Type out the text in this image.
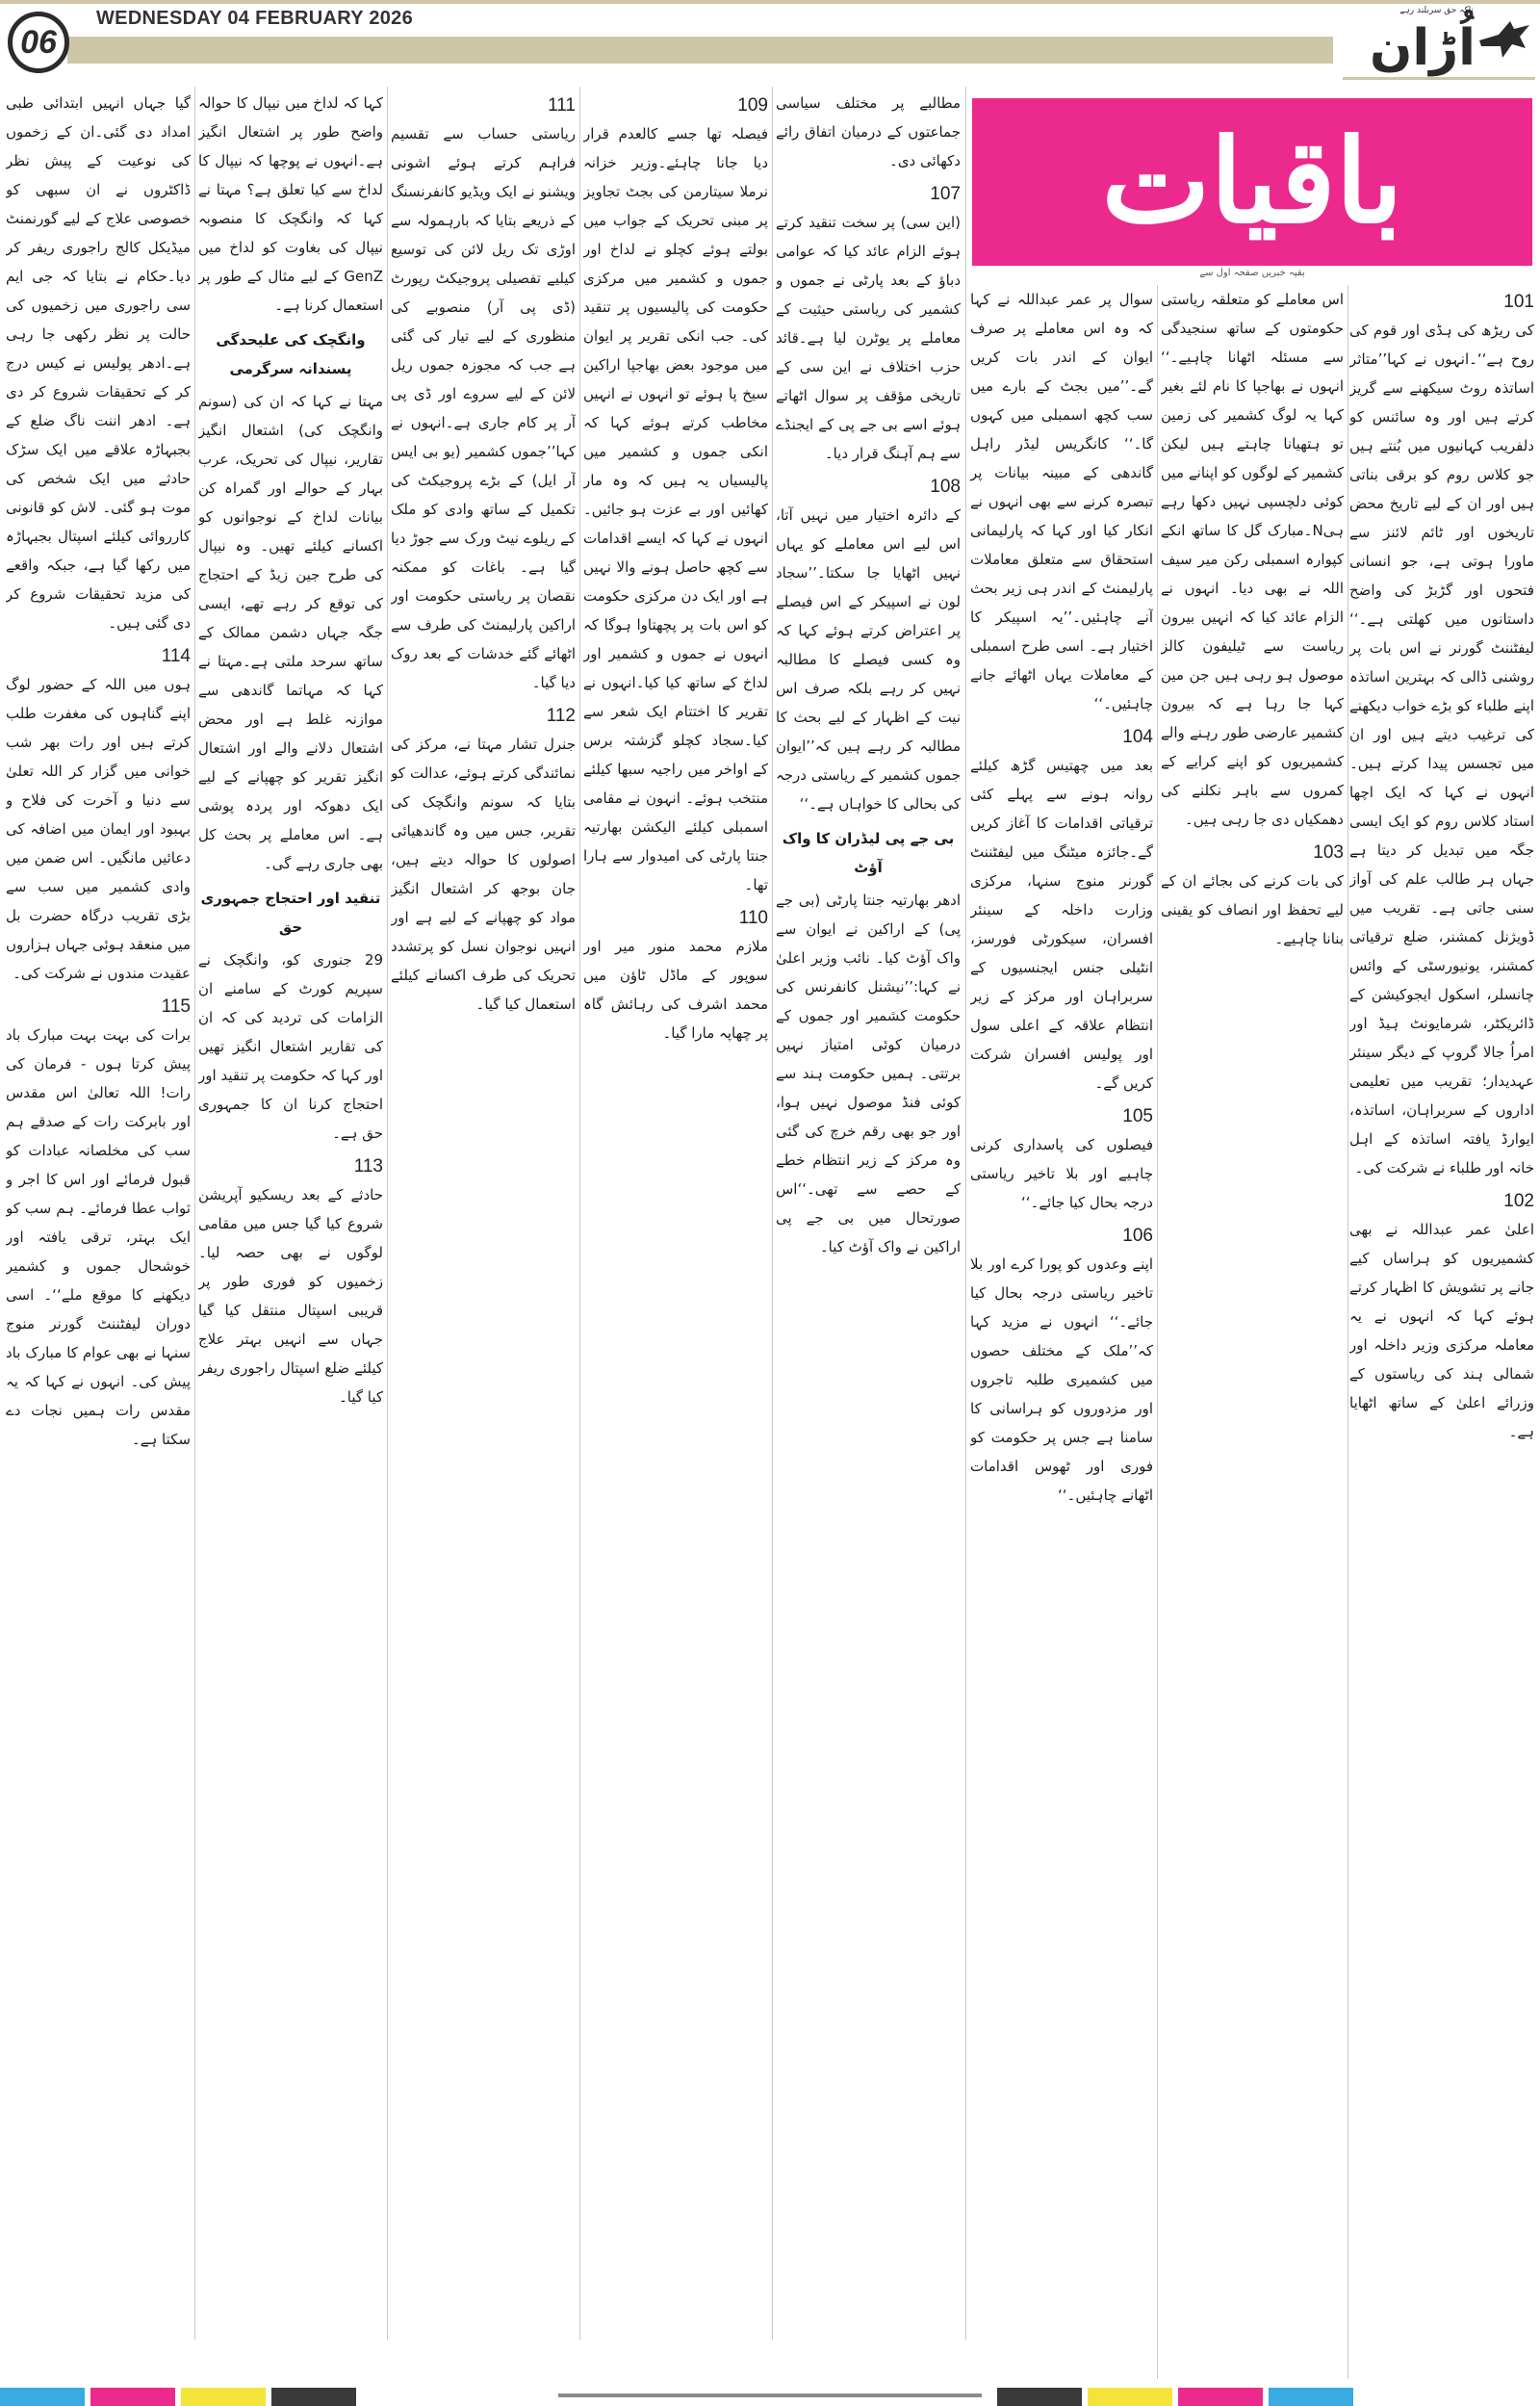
06
WEDNESDAY 04 FEBRUARY 2026	تاکہ حق سربلند رہے
اُڑان
باقیات
بقیہ خبریں صفحہ اول سے
101

کی ریڑھ کی ہڈی اور قوم کی روح ہے‘‘۔انہوں نے کہا’’متاثر اساتذہ روٹ سیکھنے سے گریز کرتے ہیں اور وہ سائنس کو دلفریب کہانیوں میں بُنتے ہیں جو کلاس روم کو برقی بناتی ہیں اور ان کے لیے تاریخ محض تاریخوں اور ٹائم لائنز سے ماورا ہوتی ہے، جو انسانی فتحوں اور گڑبڑ کی واضح داستانوں میں کھلتی ہے۔‘‘ لیفٹننٹ گورنر نے اس بات پر روشنی ڈالی کہ بہترین اساتذہ اپنے طلباء کو بڑے خواب دیکھنے کی ترغیب دیتے ہیں اور ان میں تجسس پیدا کرتے ہیں۔ انہوں نے کہا کہ ایک اچھا استاد کلاس روم کو ایک ایسی جگہ میں تبدیل کر دیتا ہے جہاں ہر طالب علم کی آواز سنی جاتی ہے۔ تقریب میں ڈویژنل کمشنر، ضلع ترقیاتی کمشنر، یونیورسٹی کے وائس چانسلر، اسکول ایجوکیشن کے ڈائریکٹر، شرمایونٹ ہیڈ اور امراُ جالا گروپ کے دیگر سینئر عہدیدار؛ تقریب میں تعلیمی اداروں کے سربراہان، اساتذہ، ایوارڈ یافتہ اساتذہ کے اہل خانہ اور طلباء نے شرکت کی۔

102

اعلیٰ عمر عبداللہ نے بھی کشمیریوں کو ہراساں کیے جانے پر تشویش کا اظہار کرتے ہوئے کہا کہ انہوں نے یہ معاملہ مرکزی وزیر داخلہ اور شمالی ہند کی ریاستوں کے وزرائے اعلیٰ کے ساتھ اٹھایا ہے۔

اس معاملے کو متعلقہ ریاستی حکومتوں کے ساتھ سنجیدگی سے مسئلہ اٹھانا چاہیے۔‘‘ انہوں نے بھاجپا کا نام لئے بغیر کہا یہ لوگ کشمیر کی زمین تو ہتھیانا چاہتے ہیں لیکن کشمیر کے لوگوں کو اپنانے میں کوئی دلچسپی نہیں دکھا رہے ہیN۔مبارک گل کا ساتھ انکے کپوارہ اسمبلی رکن میر سیف اللہ نے بھی دیا۔ انہوں نے الزام عائد کیا کہ انہیں بیرون ریاست سے ٹیلیفون کالز موصول ہو رہی ہیں جن مین کہا جا رہا ہے کہ بیرون کشمیر عارضی طور رہنے والے کشمیریوں کو اپنے کرایے کے کمروں سے باہر نکلنے کی دھمکیاں دی جا رہی ہیں۔

103

کی بات کرنے کی بجائے ان کے لیے تحفظ اور انصاف کو یقینی بنانا چاہیے۔

سوال پر عمر عبداللہ نے کہا کہ وہ اس معاملے پر صرف ایوان کے اندر بات کریں گے۔’’میں بجٹ کے بارے میں سب کچھ اسمبلی میں کہوں گا۔‘‘ کانگریس لیڈر راہل گاندھی کے مبینہ بیانات پر تبصرہ کرنے سے بھی انہوں نے انکار کیا اور کہا کہ پارلیمانی استحقاق سے متعلق معاملات پارلیمنٹ کے اندر ہی زیر بحث آنے چاہئیں۔’’یہ اسپیکر کا اختیار ہے۔ اسی طرح اسمبلی کے معاملات یہاں اٹھائے جانے چاہئیں۔‘‘

104

بعد میں چھتیس گڑھ کیلئے روانہ ہونے سے پہلے کئی ترقیاتی اقدامات کا آغاز کریں گے۔جائزہ میٹنگ میں لیفٹننٹ گورنر منوج سنہا، مرکزی وزارت داخلہ کے سینئر افسران، سیکورٹی فورسز، انٹیلی جنس ایجنسیوں کے سربراہان اور مرکز کے زیر انتظام علاقہ کے اعلی سول اور پولیس افسران شرکت کریں گے۔

105

فیصلوں کی پاسداری کرنی چاہیے اور بلا تاخیر ریاستی درجہ بحال کیا جائے۔‘‘

106

اپنے وعدوں کو پورا کرے اور بلا تاخیر ریاستی درجہ بحال کیا جائے۔‘‘ انہوں نے مزید کہا کہ’’ملک کے مختلف حصوں میں کشمیری طلبہ تاجروں اور مزدوروں کو ہراسانی کا سامنا ہے جس پر حکومت کو فوری اور ٹھوس اقدامات اٹھانے چاہئیں۔‘‘

مطالبے پر مختلف سیاسی جماعتوں کے درمیان اتفاق رائے دکھائی دی۔

107

(این سی) پر سخت تنقید کرتے ہوئے الزام عائد کیا کہ عوامی دباؤ کے بعد پارٹی نے جموں و کشمیر کی ریاستی حیثیت کے معاملے پر یوٹرن لیا ہے۔قائد حزب اختلاف نے این سی کے تاریخی مؤقف پر سوال اٹھاتے ہوئے اسے بی جے پی کے ایجنڈے سے ہم آہنگ قرار دیا۔

108

کے دائرہ اختیار میں نہیں آتا، اس لیے اس معاملے کو یہاں نہیں اٹھایا جا سکتا۔’’سجاد لون نے اسپیکر کے اس فیصلے پر اعتراض کرتے ہوئے کہا کہ وہ کسی فیصلے کا مطالبہ نہیں کر رہے بلکہ صرف اس نیت کے اظہار کے لیے بحث کا مطالبہ کر رہے ہیں کہ’’ایوان جموں کشمیر کے ریاستی درجہ کی بحالی کا خواہاں ہے۔‘‘

بی جے پی لیڈران کا واک آؤٹ

ادھر بھارتیہ جنتا پارٹی (بی جے پی) کے اراکین نے ایوان سے واک آؤٹ کیا۔ نائب وزیر اعلیٰ نے کہا:’’نیشنل کانفرنس کی حکومت کشمیر اور جموں کے درمیان کوئی امتیاز نہیں برتتی۔ ہمیں حکومت ہند سے کوئی فنڈ موصول نہیں ہوا، اور جو بھی رقم خرچ کی گئی وہ مرکز کے زیر انتظام خطے کے حصے سے تھی۔‘‘اس صورتحال میں بی جے پی اراکین نے واک آؤٹ کیا۔

109

فیصلہ تھا جسے کالعدم قرار دیا جانا چاہئے۔وزیر خزانہ نرملا سیتارمن کی بجٹ تجاویز پر مبنی تحریک کے جواب میں بولتے ہوئے کچلو نے لداخ اور جموں و کشمیر میں مرکزی حکومت کی پالیسیوں پر تنقید کی۔ جب انکی تقریر پر ایوان میں موجود بعض بھاجپا اراکین سیخ پا ہوئے تو انہوں نے انہیں مخاطب کرتے ہوئے کہا کہ انکی جموں و کشمیر میں پالیسیاں یہ ہیں کہ وہ مار کھائیں اور بے عزت ہو جائیں۔انہوں نے کہا کہ ایسے اقدامات سے کچھ حاصل ہونے والا نہیں ہے اور ایک دن مرکزی حکومت کو اس بات پر پچھتاوا ہوگا کہ انہوں نے جموں و کشمیر اور لداخ کے ساتھ کیا کیا۔انہوں نے تقریر کا اختتام ایک شعر سے کیا۔سجاد کچلو گزشتہ برس کے اواخر میں راجیہ سبھا کیلئے منتخب ہوئے۔ انہون نے مقامی اسمبلی کیلئے الیکشن بھارتیہ جنتا پارٹی کی امیدوار سے ہارا تھا۔

110

ملازم محمد منور میر اور سوپور کے ماڈل ٹاؤن میں محمد اشرف کی رہائش گاہ پر چھاپہ مارا گیا۔

111

ریاستی حساب سے تقسیم فراہم کرتے ہوئے اشونی ویشنو نے ایک ویڈیو کانفرنسنگ کے ذریعے بتایا کہ بارہمولہ سے اوڑی تک ریل لائن کی توسیع کیلیے تفصیلی پروجیکٹ رپورٹ (ڈی پی آر) منصوبے کی منظوری کے لیے تیار کی گئی ہے جب کہ مجوزہ جموں ریل لائن کے لیے سروے اور ڈی پی آر پر کام جاری ہے۔انہوں نے کہا’’جموں کشمیر (یو بی ایس آر ایل) کے بڑے پروجیکٹ کی تکمیل کے ساتھ وادی کو ملک کے ریلوے نیٹ ورک سے جوڑ دیا گیا ہے۔ باغات کو ممکنہ نقصان پر ریاستی حکومت اور اراکین پارلیمنٹ کی طرف سے اٹھائے گئے خدشات کے بعد روک دیا گیا۔

112

جنرل تشار مہتا نے، مرکز کی نمائندگی کرتے ہوئے، عدالت کو بتایا کہ سونم وانگچک کی تقریر، جس میں وہ گاندھیائی اصولوں کا حوالہ دیتے ہیں، جان بوجھ کر اشتعال انگیز مواد کو چھپانے کے لیے ہے اور انہیں نوجوان نسل کو پرتشدد تحریک کی طرف اکسانے کیلئے استعمال کیا گیا۔

کہا کہ لداخ میں نیپال کا حوالہ واضح طور پر اشتعال انگیز ہے۔انہوں نے پوچھا کہ نیپال کا لداخ سے کیا تعلق ہے؟ مہتا نے کہا کہ وانگچک کا منصوبہ نیپال کی بغاوت کو لداخ میں GenZ کے لیے مثال کے طور پر استعمال کرنا ہے۔

وانگچک کی علیحدگی پسندانہ سرگرمی

مہتا نے کہا کہ ان کی (سونم وانگچک کی) اشتعال انگیز تقاریر، نیپال کی تحریک، عرب بہار کے حوالے اور گمراہ کن بیانات لداخ کے نوجوانوں کو اکسانے کیلئے تھیں۔ وہ نیپال کی طرح جین زیڈ کے احتجاج کی توقع کر رہے تھے، ایسی جگہ جہاں دشمن ممالک کے ساتھ سرحد ملتی ہے۔مہتا نے کہا کہ مہاتما گاندھی سے موازنہ غلط ہے اور محض اشتعال دلانے والے اور اشتعال انگیز تقریر کو چھپانے کے لیے ایک دھوکہ اور پردہ پوشی ہے۔ اس معاملے پر بحث کل بھی جاری رہے گی۔

تنقید اور احتجاج جمہوری حق

29 جنوری کو، وانگچک نے سپریم کورٹ کے سامنے ان الزامات کی تردید کی کہ ان کی تقاریر اشتعال انگیز تھیں اور کہا کہ حکومت پر تنقید اور احتجاج کرنا ان کا جمہوری حق ہے۔

113

حادثے کے بعد ریسکیو آپریشن شروع کیا گیا جس میں مقامی لوگوں نے بھی حصہ لیا۔ زخمیوں کو فوری طور پر قریبی اسپتال منتقل کیا گیا جہاں سے انہیں بہتر علاج کیلئے ضلع اسپتال راجوری ریفر کیا گیا۔

گیا جہاں انہیں ابتدائی طبی امداد دی گئی۔ان کے زخموں کی نوعیت کے پیش نظر ڈاکٹروں نے ان سبھی کو خصوصی علاج کے لیے گورنمنٹ میڈیکل کالج راجوری ریفر کر دیا۔حکام نے بتایا کہ جی ایم سی راجوری میں زخمیوں کی حالت پر نظر رکھی جا رہی ہے۔ادھر پولیس نے کیس درج کر کے تحقیقات شروع کر دی ہے۔ ادھر اننت ناگ ضلع کے بجبہاڑہ علاقے میں ایک سڑک حادثے میں ایک شخص کی موت ہو گئی۔ لاش کو قانونی کارروائی کیلئے اسپتال بجبہاڑہ میں رکھا گیا ہے، جبکہ واقعے کی مزید تحقیقات شروع کر دی گئی ہیں۔

114

ہوں میں اللہ کے حضور لوگ اپنے گناہوں کی مغفرت طلب کرتے ہیں اور رات بھر شب خوانی میں گزار کر اللہ تعلیٰ سے دنیا و آخرت کی فلاح و بہبود اور ایمان میں اضافہ کی دعائیں مانگیں۔ اس ضمن میں وادی کشمیر میں سب سے بڑی تقریب درگاہ حضرت بل میں منعقد ہوئی جہاں ہزاروں عقیدت مندوں نے شرکت کی۔

115

برات کی بہت بہت مبارک باد پیش کرتا ہوں - فرمان کی رات! اللہ تعالیٰ اس مقدس اور بابرکت رات کے صدقے ہم سب کی مخلصانہ عبادات کو قبول فرمائے اور اس کا اجر و ثواب عطا فرمائے۔ ہم سب کو ایک بہتر، ترقی یافتہ اور خوشحال جموں و کشمیر دیکھنے کا موقع ملے‘‘۔ اسی دوران لیفٹننٹ گورنر منوج سنہا نے بھی عوام کا مبارک باد پیش کی۔ انہوں نے کہا کہ یہ مقدس رات ہمیں نجات دے سکتا ہے۔
